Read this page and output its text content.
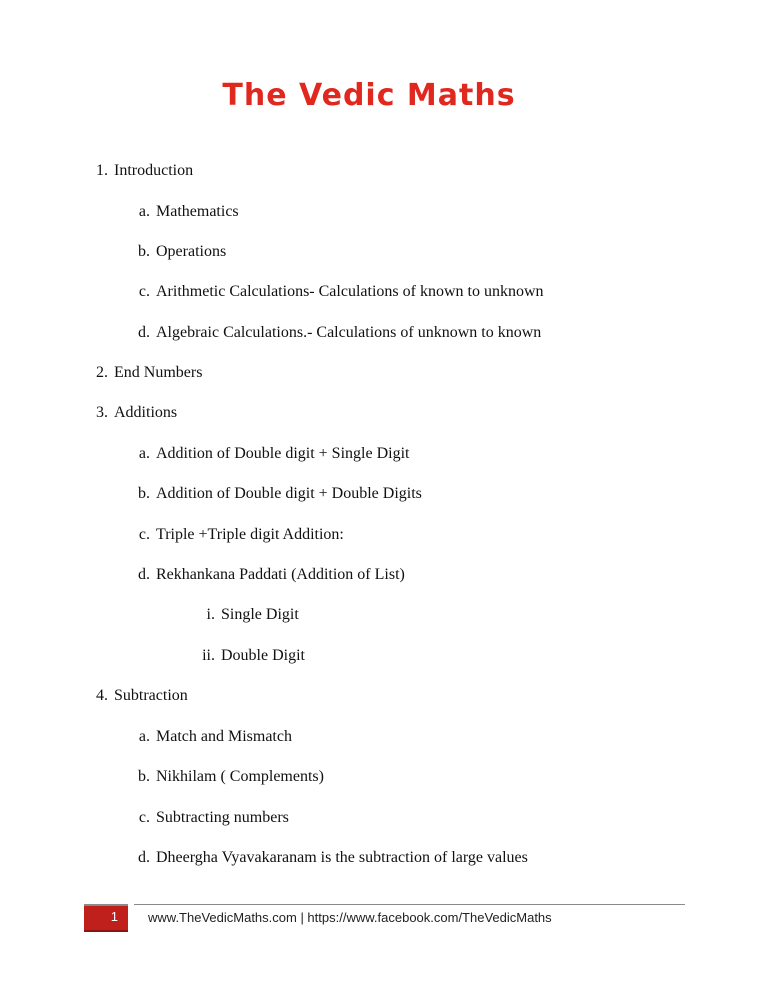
The Vedic Maths
1. Introduction
a. Mathematics
b. Operations
c. Arithmetic Calculations- Calculations of known to unknown
d. Algebraic Calculations.- Calculations of unknown to known
2. End Numbers
3. Additions
a. Addition of Double digit + Single Digit
b. Addition of Double digit + Double Digits
c. Triple +Triple digit Addition:
d. Rekhankana Paddati (Addition of List)
i. Single Digit
ii. Double Digit
4. Subtraction
a. Match and Mismatch
b. Nikhilam ( Complements)
c. Subtracting numbers
d. Dheergha Vyavakaranam is the subtraction of large values
1 www.TheVedicMaths.com | https://www.facebook.com/TheVedicMaths
